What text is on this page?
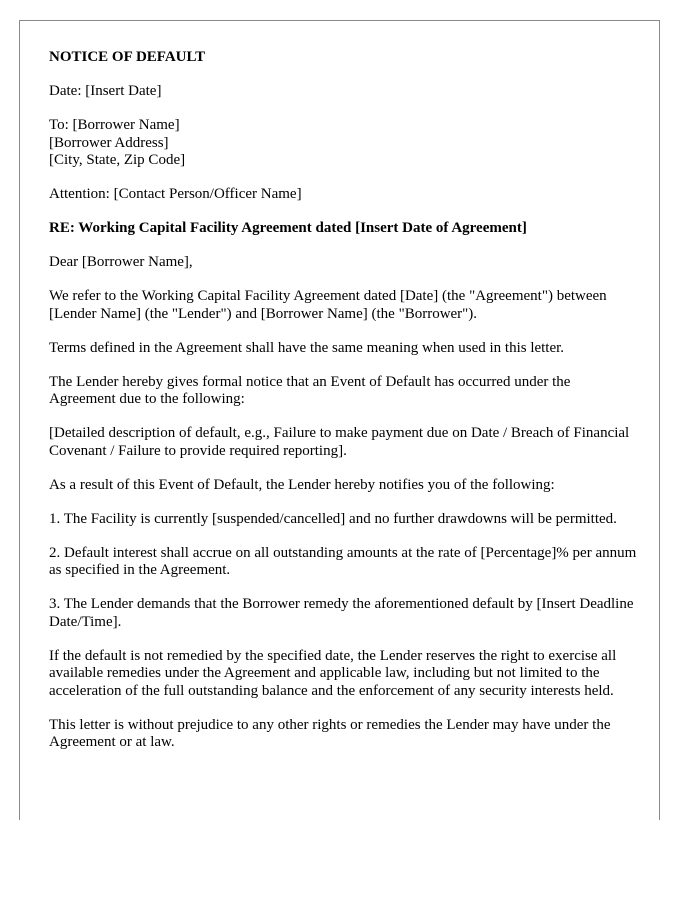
NOTICE OF DEFAULT
Date: [Insert Date]
To: [Borrower Name]
[Borrower Address]
[City, State, Zip Code]
Attention: [Contact Person/Officer Name]
RE: Working Capital Facility Agreement dated [Insert Date of Agreement]
Dear [Borrower Name],
We refer to the Working Capital Facility Agreement dated [Date] (the "Agreement") between [Lender Name] (the "Lender") and [Borrower Name] (the "Borrower").
Terms defined in the Agreement shall have the same meaning when used in this letter.
The Lender hereby gives formal notice that an Event of Default has occurred under the Agreement due to the following:
[Detailed description of default, e.g., Failure to make payment due on Date / Breach of Financial Covenant / Failure to provide required reporting].
As a result of this Event of Default, the Lender hereby notifies you of the following:
1. The Facility is currently [suspended/cancelled] and no further drawdowns will be permitted.
2. Default interest shall accrue on all outstanding amounts at the rate of [Percentage]% per annum as specified in the Agreement.
3. The Lender demands that the Borrower remedy the aforementioned default by [Insert Deadline Date/Time].
If the default is not remedied by the specified date, the Lender reserves the right to exercise all available remedies under the Agreement and applicable law, including but not limited to the acceleration of the full outstanding balance and the enforcement of any security interests held.
This letter is without prejudice to any other rights or remedies the Lender may have under the Agreement or at law.
